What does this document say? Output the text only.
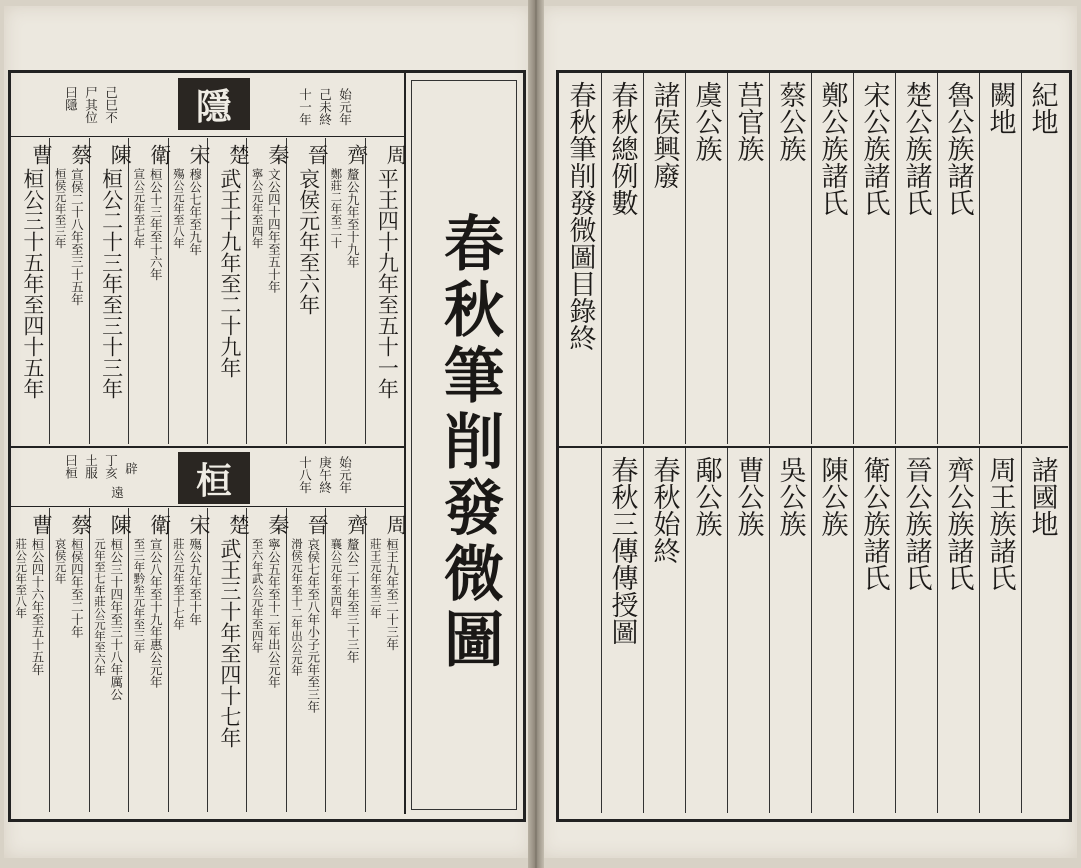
春秋筆削發微圖
隱	始元年
己未終
十一年
己巳不
尸其位
曰隱
周
平王四十九年至五十一年
齊
釐公九年至十九年
鄭莊二年至二十
晉
哀侯元年至六年
秦
文公四十四年至五十年
寧公元年至四年
楚
武王十九年至二十九年
宋
穆公七年至九年
殤公元年至八年
衛
桓公十三年至十六年
宣公元年至七年
陳
桓公二十三年至三十三年
蔡
宣侯二十八年至三十五年
桓侯元年至三年
曹
桓公三十五年至四十五年
桓	始元年
庚午終
十八年
丁亥 辟
遠
土服
曰桓
周
桓王九年至二十三年
莊王元年至三年
齊
釐公二十年至三十三年
襄公元年至四年
晉
哀侯七年至八年小子元年至三年
滑侯元年至十二年出公元年
秦
寧公五年至十二年出公元年
至六年武公元年至四年
楚
武王三十年至四十七年
宋
殤公九年至十年
莊公元年至十七年
衛
宣公八年至十九年惠公元年
至三年黔牟元年至三年
陳
桓公三十四年至三十八年厲公
元年至七年莊公元年至六年
蔡
桓侯四年至二十年
哀侯元年
曹
桓公四十六年至五十五年
莊公元年至八年
紀地
闕地
魯公族諸氏
楚公族諸氏
宋公族諸氏
鄭公族諸氏
蔡公族
莒官族
虞公族
諸侯興廢
春秋總例數
春秋筆削發微圖目錄終
諸國地
周王族諸氏
齊公族諸氏
晉公族諸氏
衛公族諸氏
陳公族
吳公族
曹公族
鄅公族
春秋始終
春秋三傳傳授圖
